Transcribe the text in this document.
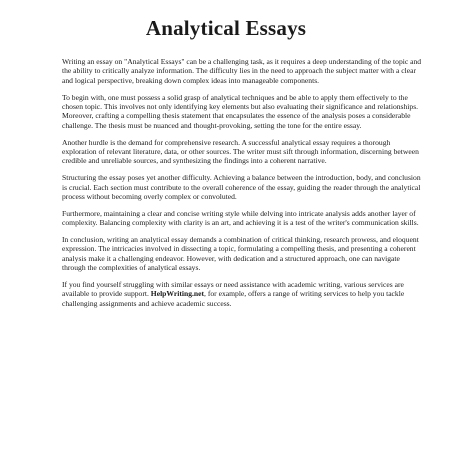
Analytical Essays

Writing an essay on "Analytical Essays" can be a challenging task, as it requires a deep understanding of the topic and the ability to critically analyze information. The difficulty lies in the need to approach the subject matter with a clear and logical perspective, breaking down complex ideas into manageable components.

To begin with, one must possess a solid grasp of analytical techniques and be able to apply them effectively to the chosen topic. This involves not only identifying key elements but also evaluating their significance and relationships. Moreover, crafting a compelling thesis statement that encapsulates the essence of the analysis poses a considerable challenge. The thesis must be nuanced and thought-provoking, setting the tone for the entire essay.

Another hurdle is the demand for comprehensive research. A successful analytical essay requires a thorough exploration of relevant literature, data, or other sources. The writer must sift through information, discerning between credible and unreliable sources, and synthesizing the findings into a coherent narrative.

Structuring the essay poses yet another difficulty. Achieving a balance between the introduction, body, and conclusion is crucial. Each section must contribute to the overall coherence of the essay, guiding the reader through the analytical process without becoming overly complex or convoluted.

Furthermore, maintaining a clear and concise writing style while delving into intricate analysis adds another layer of complexity. Balancing complexity with clarity is an art, and achieving it is a test of the writer's communication skills.

In conclusion, writing an analytical essay demands a combination of critical thinking, research prowess, and eloquent expression. The intricacies involved in dissecting a topic, formulating a compelling thesis, and presenting a coherent analysis make it a challenging endeavor. However, with dedication and a structured approach, one can navigate through the complexities of analytical essays.

If you find yourself struggling with similar essays or need assistance with academic writing, various services are available to provide support. HelpWriting.net, for example, offers a range of writing services to help you tackle challenging assignments and achieve academic success.
